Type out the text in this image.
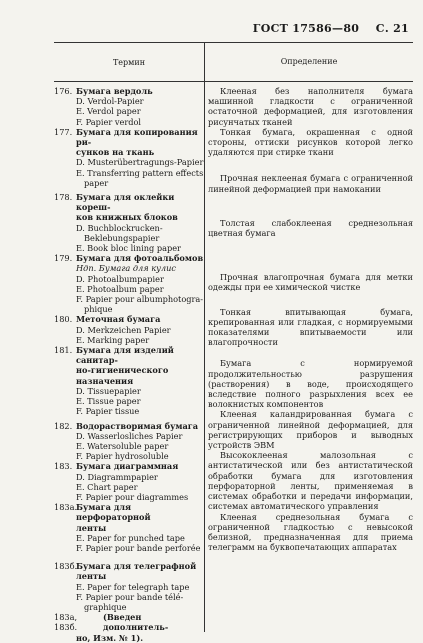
ГОСТ 17586—80 С. 21
Термин	Определение
176. Бумага вердоль
D. Verdol-Papier
E. Verdol paper
F. Papier verdol
177. Бумага для копирования ри-
сунков на ткань
D. Musterübertragungs-Papier
E. Transferring pattern effects
paper
178. Бумага для оклейки кореш-
ков книжных блоков
D. Buchblockrucken-
Beklebungspapier
E. Book bloc lining paper
179. Бумага для фотоальбомов
Ндп. Бумага для кулис
D. Photoalbumpapier
E. Photoalbum paper
F. Papier pour albumphotogra-
phique
180. Меточная бумага
D. Merkzeichen Papier
E. Marking paper
181. Бумага для изделий санитар-
но-гигиенического назначения
D. Tissuepapier
E. Tissue paper
F. Papier tissue
182. Водорастворимая бумага
D. Wasserlosliches Papier
E. Watersoluble paper
F. Papier hydrosoluble
183. Бумага диаграммная
D. Diagrammpapier
E. Chart paper
F. Papier pour diagrammes
183а.
Бумага для перфораторной
ленты
E. Paper for punched tape
F. Papier pour bande perforée
183б.
Бумага для телеграфной
ленты
E. Paper for telegraph tape
F. Papier pour bande télé-
graphique
183а, 183б.

(Введен дополнитель-
но, Изм. № 1).
Клееная без наполнителя бумага машинной гладкости с ограниченной остаточной деформацией, для изготовления рисунчатых тканей
Тонкая бумага, окрашенная с одной стороны, оттиски рисунков которой легко удаляются при стирке ткани
Прочная неклееная бумага с ограниченной линейной деформацией при намокании
Толстая слабоклееная среднезольная цветная бумага
Прочная влагопрочная бумага для метки одежды при ее химической чистке
Тонкая впитывающая бумага, крепированная или гладкая, с нормируемыми показателями впитываемости или влагопрочности
Бумага с нормируемой продолжительностью разрушения (растворения) в воде, происходящего вследствие полного разрыхления всех ее волокнистых компонентов
Клееная каландрированная бумага с ограниченной линейной деформацией, для регистрирующих приборов и выводных устройств ЭВМ
Высококлееная малозольная с антистатической или без антистатической обработки бумага для изготовления перфораторной ленты, применяемая в системах обработки и передачи информации, системах автоматического управления
Клееная среднезольная бумага с ограниченной гладкостью с невысокой белизной, предназначенная для приема телеграмм на буквопечатающих аппаратах
